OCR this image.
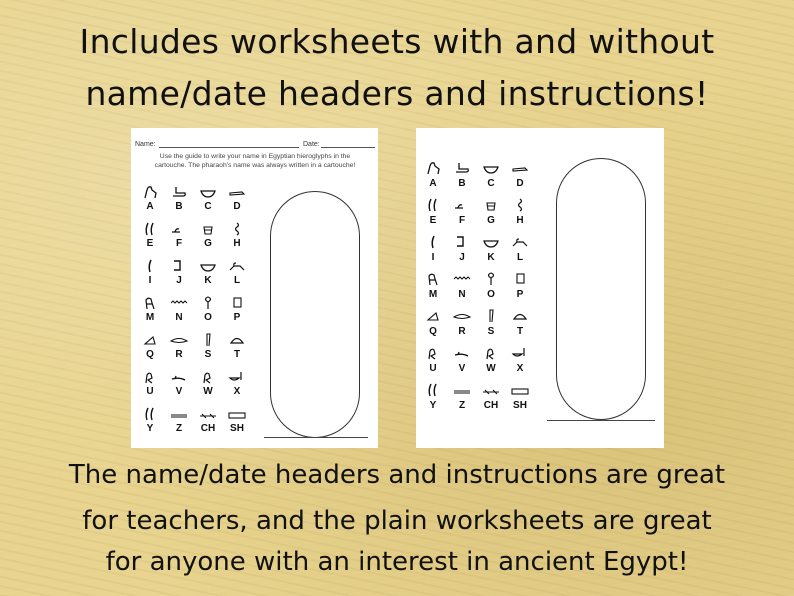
Includes worksheets with and without
name/date headers and instructions!
Name:	Date:
Use the guide to write your name in Egyptian hieroglyphs in the
cartouche. The pharaoh's name was always written in a cartouche!
A	B	C	D
E	F	G	H
I	J	K	L
M	N	O	P
Q	R	S	T
U	V	W	X
Y	Z	CH	SH
A	B	C	D
E	F	G	H
I	J	K	L
M	N	O	P
Q	R	S	T
U	V	W	X
Y	Z	CH	SH
The name/date headers and instructions are great
for teachers, and the plain worksheets are great
for anyone with an interest in ancient Egypt!
